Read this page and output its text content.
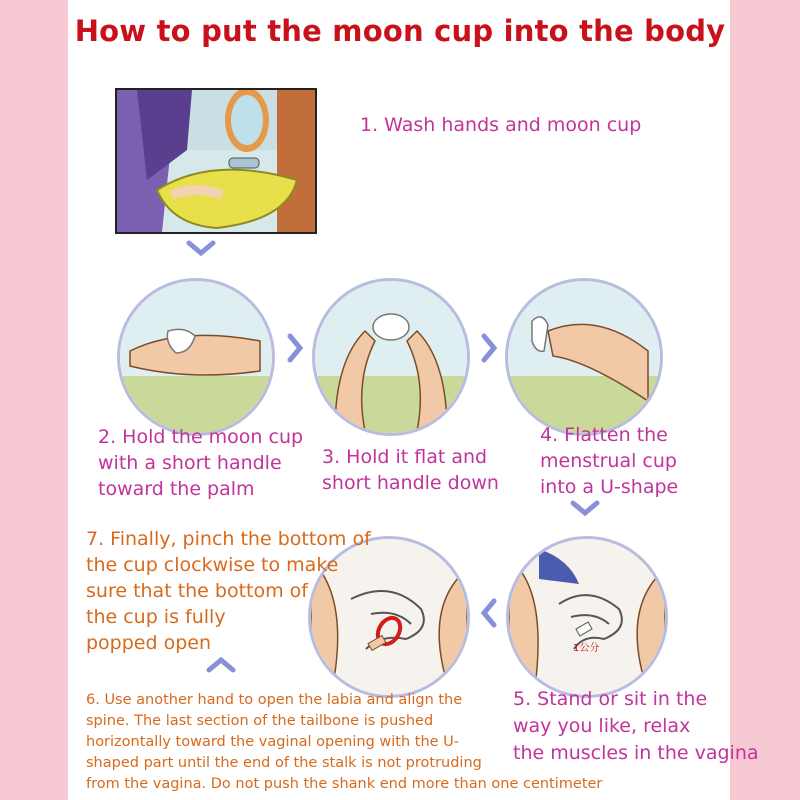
How to put the moon cup into the body
1. Wash hands and moon cup
2. Hold the moon cup
with a short handle
toward the palm
3. Hold it flat and
short handle down
4. Flatten the
menstrual cup
into a U-shape
1公分
7. Finally, pinch the bottom of
the cup clockwise to make
sure that the bottom of
the cup is fully
popped open
6. Use another hand to open the labia and align the
spine. The last section of the tailbone is pushed
horizontally toward the vaginal opening with the U-
shaped part until the end of the stalk is not protruding
from the vagina. Do not push the shank end more than one centimeter
5. Stand or sit in the
way you like, relax
the muscles in the vagina
